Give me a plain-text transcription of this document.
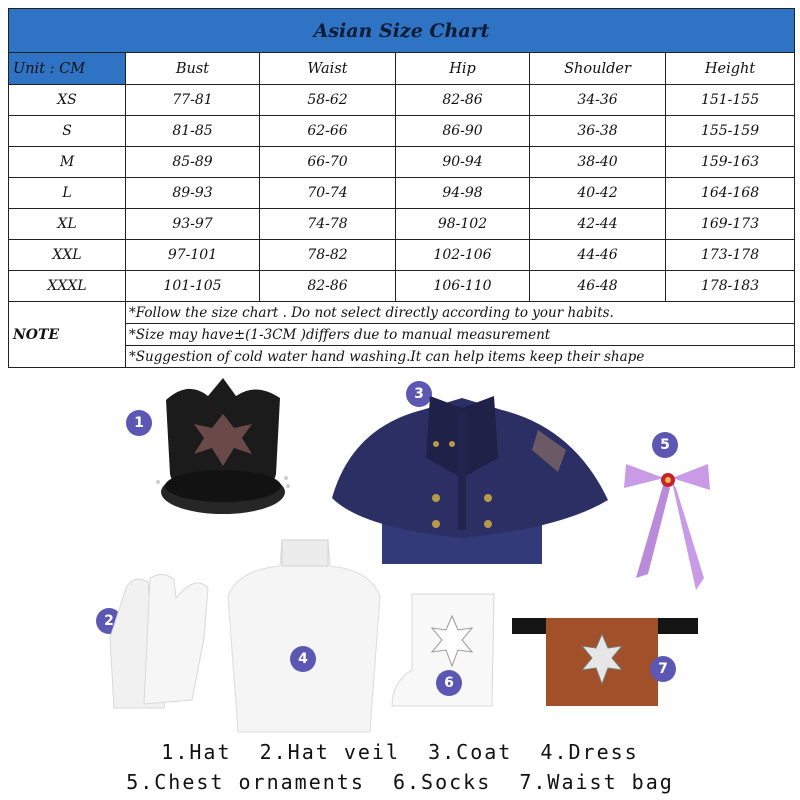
Asian Size Chart					
Unit : CM	Bust	Waist	Hip	Shoulder	Height
XS	77-81	58-62	82-86	34-36	151-155
S	81-85	62-66	86-90	36-38	155-159
M	85-89	66-70	90-94	38-40	159-163
L	89-93	70-74	94-98	40-42	164-168
XL	93-97	74-78	98-102	42-44	169-173
XXL	97-101	78-82	102-106	44-46	173-178
XXXL	101-105	82-86	106-110	46-48	178-183
NOTE	*Follow the size chart . Do not select directly according to your habits.				
	*Size may have±(1-3CM )differs due to manual measurement				
	*Suggestion of cold water hand washing.It can help items keep their shape				
1
3
5
2
4
6
7
1.Hat  2.Hat veil  3.Coat  4.Dress
5.Chest ornaments  6.Socks  7.Waist bag
